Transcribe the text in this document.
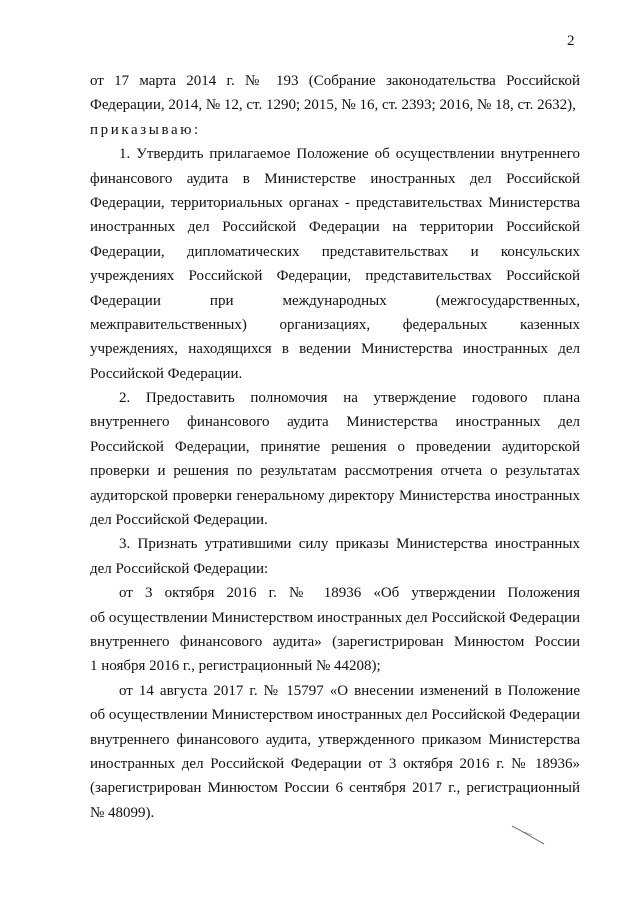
2
от 17 марта 2014 г. № 193 (Собрание законодательства Российской
Федерации, 2014, № 12, ст. 1290; 2015, № 16, ст. 2393; 2016, № 18, ст. 2632),
приказываю:
1. Утвердить прилагаемое Положение об осуществлении внутреннего
финансового аудита в Министерстве иностранных дел Российской
Федерации, территориальных органах - представительствах Министерства
иностранных дел Российской Федерации на территории Российской
Федерации, дипломатических представительствах и консульских
учреждениях Российской Федерации, представительствах Российской
Федерации при международных (межгосударственных,
межправительственных) организациях, федеральных казенных
учреждениях, находящихся в ведении Министерства иностранных дел
Российской Федерации.
2. Предоставить полномочия на утверждение годового плана
внутреннего финансового аудита Министерства иностранных дел
Российской Федерации, принятие решения о проведении аудиторской
проверки и решения по результатам рассмотрения отчета о результатах
аудиторской проверки генеральному директору Министерства иностранных
дел Российской Федерации.
3. Признать утратившими силу приказы Министерства иностранных
дел Российской Федерации:
от 3 октября 2016 г. № 18936 «Об утверждении Положения
об осуществлении Министерством иностранных дел Российской Федерации
внутреннего финансового аудита» (зарегистрирован Минюстом России
1 ноября 2016 г., регистрационный № 44208);
от 14 августа 2017 г. № 15797 «О внесении изменений в Положение
об осуществлении Министерством иностранных дел Российской Федерации
внутреннего финансового аудита, утвержденного приказом Министерства
иностранных дел Российской Федерации от 3 октября 2016 г. № 18936»
(зарегистрирован Минюстом России 6 сентября 2017 г., регистрационный
№ 48099).
